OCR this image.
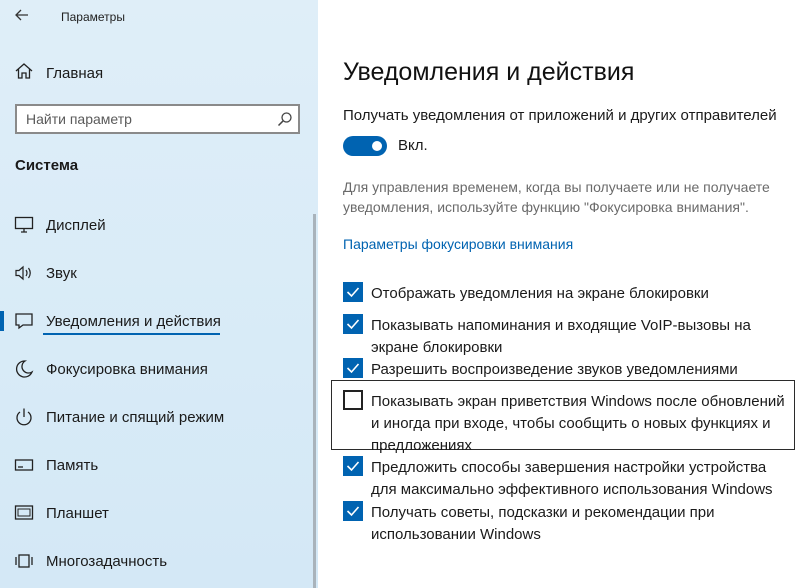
Параметры
Главная
Найти параметр
Система
Дисплей
Звук
Уведомления и действия
Фокусировка внимания
Питание и спящий режим
Память
Планшет
Многозадачность
Уведомления и действия
Получать уведомления от приложений и других отправителей
Вкл.
Для управления временем, когда вы получаете или не получаете уведомления, используйте функцию "Фокусировка внимания".
Параметры фокусировки внимания
Отображать уведомления на экране блокировки
Показывать напоминания и входящие VoIP-вызовы на экране блокировки
Разрешить воспроизведение звуков уведомлениями
Показывать экран приветствия Windows после обновлений и иногда при входе, чтобы сообщить о новых функциях и предложениях
Предложить способы завершения настройки устройства для максимально эффективного использования Windows
Получать советы, подсказки и рекомендации при использовании Windows
